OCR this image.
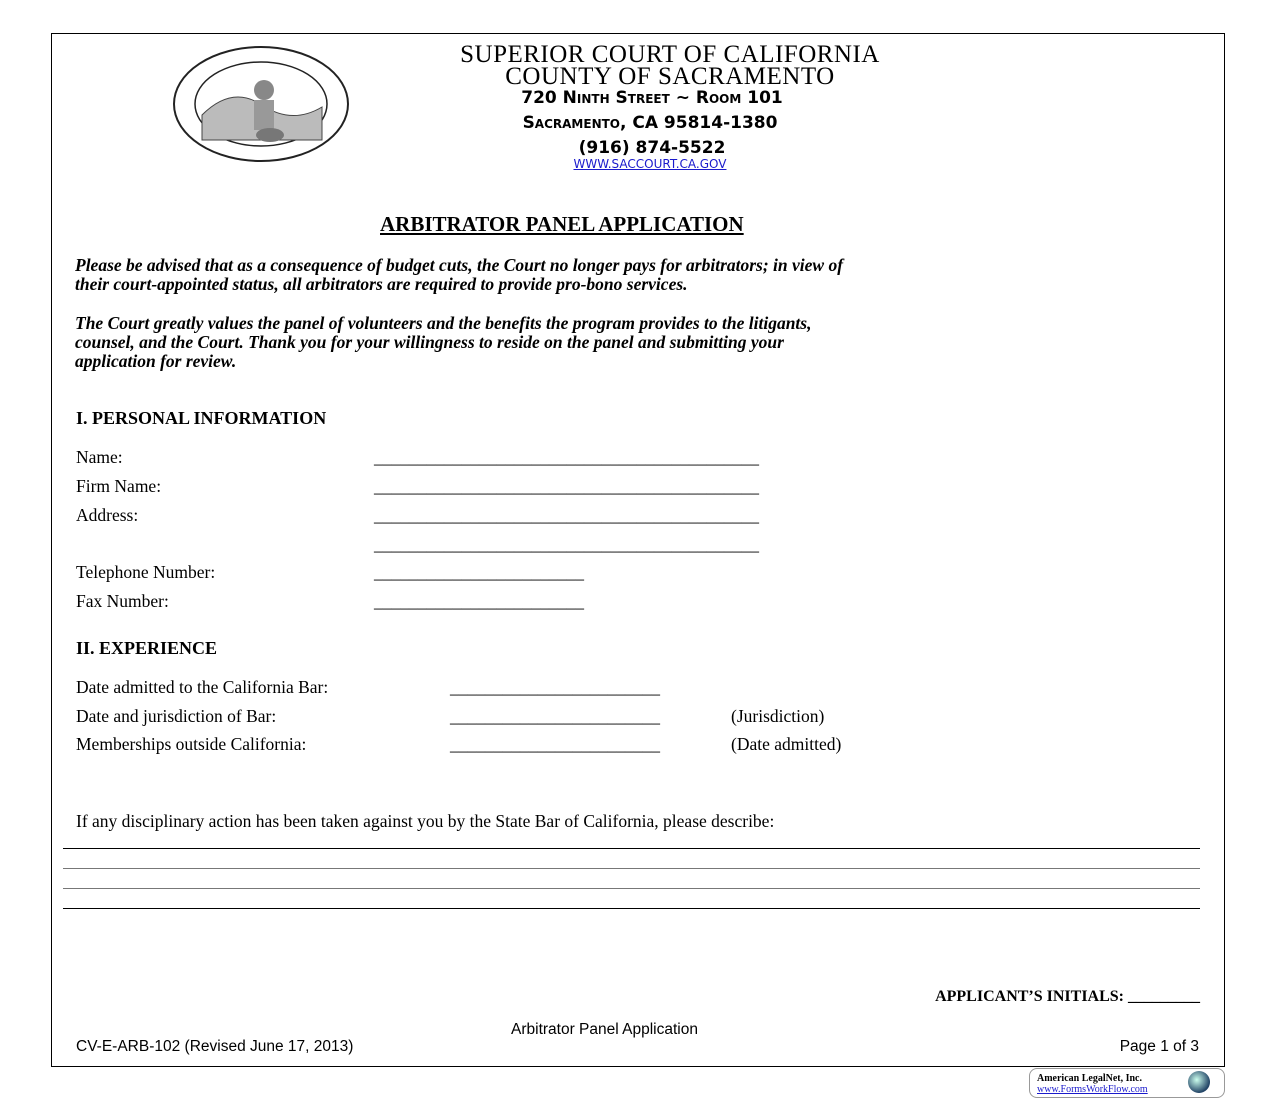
SUPERIOR COURT OF CALIFORNIA
COUNTY OF SACRAMENTO
720 Ninth Street ~ Room 101
Sacramento, CA 95814-1380
(916) 874-5522
WWW.SACCOURT.CA.GOV
ARBITRATOR PANEL APPLICATION
Please be advised that as a consequence of budget cuts, the Court no longer pays for arbitrators; in view of
their court-appointed status, all arbitrators are required to provide pro-bono services.
The Court greatly values the panel of volunteers and the benefits the program provides to the litigants,
counsel, and the Court. Thank you for your willingness to reside on the panel and submitting your
application for review.
I. PERSONAL INFORMATION
Name:	____________________________________________
Firm Name:	____________________________________________
Address:	____________________________________________
____________________________________________
Telephone Number:	________________________
Fax Number:	________________________
II. EXPERIENCE
Date admitted to the California Bar:	________________________
Date and jurisdiction of Bar:	________________________	(Jurisdiction)
Memberships outside California:	________________________	(Date admitted)
If any disciplinary action has been taken against you by the State Bar of California, please describe:
APPLICANT’S INITIALS: _________
Arbitrator Panel Application
CV-E-ARB-102 (Revised June 17, 2013)	Page 1 of 3
American LegalNet, Inc.
www.FormsWorkFlow.com
